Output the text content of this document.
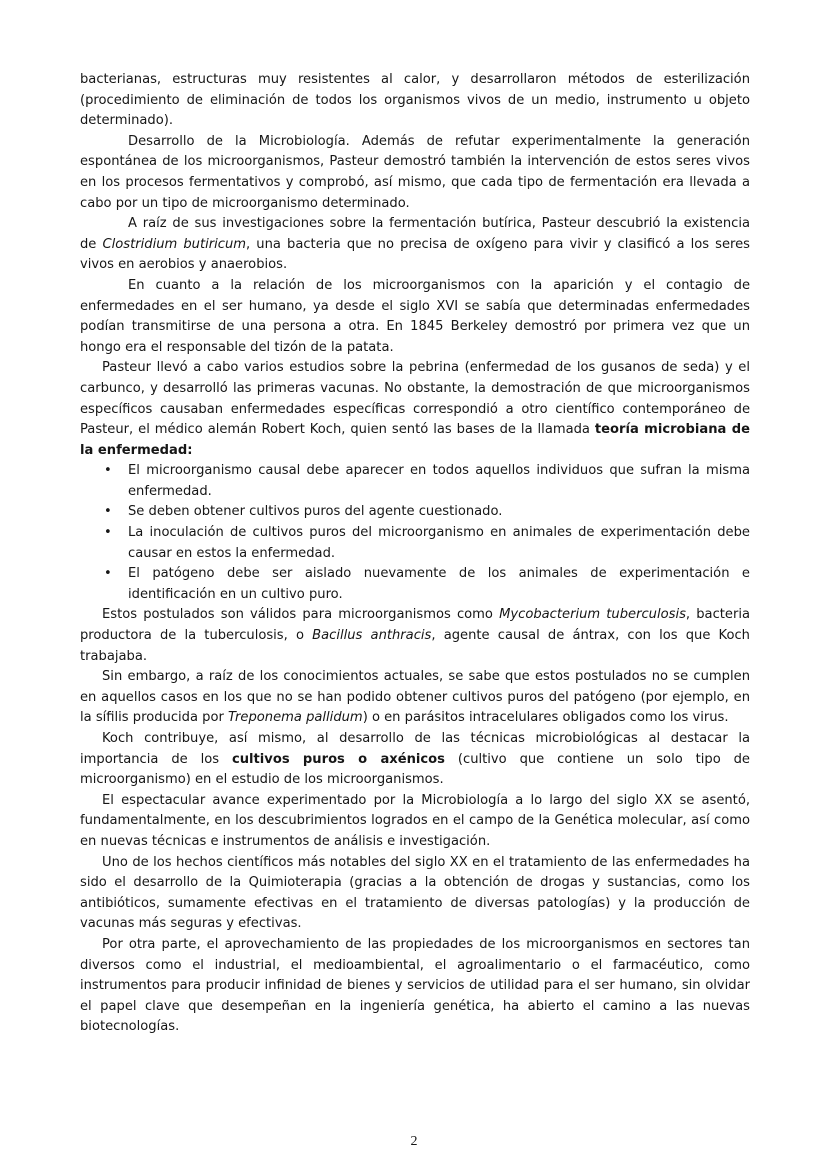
bacterianas, estructuras muy resistentes al calor, y desarrollaron métodos de esterilización (procedimiento de eliminación de todos los organismos vivos de un medio, instrumento u objeto determinado).

Desarrollo de la Microbiología. Además de refutar experimentalmente la generación espontánea de los microorganismos, Pasteur demostró también la intervención de estos seres vivos en los procesos fermentativos y comprobó, así mismo, que cada tipo de fermentación era llevada a cabo por un tipo de microorganismo determinado.

A raíz de sus investigaciones sobre la fermentación butírica, Pasteur descubrió la existencia de Clostridium butiricum, una bacteria que no precisa de oxígeno para vivir y clasificó a los seres vivos en aerobios y anaerobios.

En cuanto a la relación de los microorganismos con la aparición y el contagio de enfermedades en el ser humano, ya desde el siglo XVI se sabía que determinadas enfermedades podían transmitirse de una persona a otra. En 1845 Berkeley demostró por primera vez que un hongo era el responsable del tizón de la patata.

Pasteur llevó a cabo varios estudios sobre la pebrina (enfermedad de los gusanos de seda) y el carbunco, y desarrolló las primeras vacunas. No obstante, la demostración de que microorganismos específicos causaban enfermedades específicas correspondió a otro científico contemporáneo de Pasteur, el médico alemán Robert Koch, quien sentó las bases de la llamada teoría microbiana de la enfermedad:

• El microorganismo causal debe aparecer en todos aquellos individuos que sufran la misma enfermedad.
• Se deben obtener cultivos puros del agente cuestionado.
• La inoculación de cultivos puros del microorganismo en animales de experimentación debe causar en estos la enfermedad.
• El patógeno debe ser aislado nuevamente de los animales de experimentación e identificación en un cultivo puro.

Estos postulados son válidos para microorganismos como Mycobacterium tuberculosis, bacteria productora de la tuberculosis, o Bacillus anthracis, agente causal de ántrax, con los que Koch trabajaba.

Sin embargo, a raíz de los conocimientos actuales, se sabe que estos postulados no se cumplen en aquellos casos en los que no se han podido obtener cultivos puros del patógeno (por ejemplo, en la sífilis producida por Treponema pallidum) o en parásitos intracelulares obligados como los virus.

Koch contribuye, así mismo, al desarrollo de las técnicas microbiológicas al destacar la importancia de los cultivos puros o axénicos (cultivo que contiene un solo tipo de microorganismo) en el estudio de los microorganismos.

El espectacular avance experimentado por la Microbiología a lo largo del siglo XX se asentó, fundamentalmente, en los descubrimientos logrados en el campo de la Genética molecular, así como en nuevas técnicas e instrumentos de análisis e investigación.

Uno de los hechos científicos más notables del siglo XX en el tratamiento de las enfermedades ha sido el desarrollo de la Quimioterapia (gracias a la obtención de drogas y sustancias, como los antibióticos, sumamente efectivas en el tratamiento de diversas patologías) y la producción de vacunas más seguras y efectivas.

Por otra parte, el aprovechamiento de las propiedades de los microorganismos en sectores tan diversos como el industrial, el medioambiental, el agroalimentario o el farmacéutico, como instrumentos para producir infinidad de bienes y servicios de utilidad para el ser humano, sin olvidar el papel clave que desempeñan en la ingeniería genética, ha abierto el camino a las nuevas biotecnologías.

2
